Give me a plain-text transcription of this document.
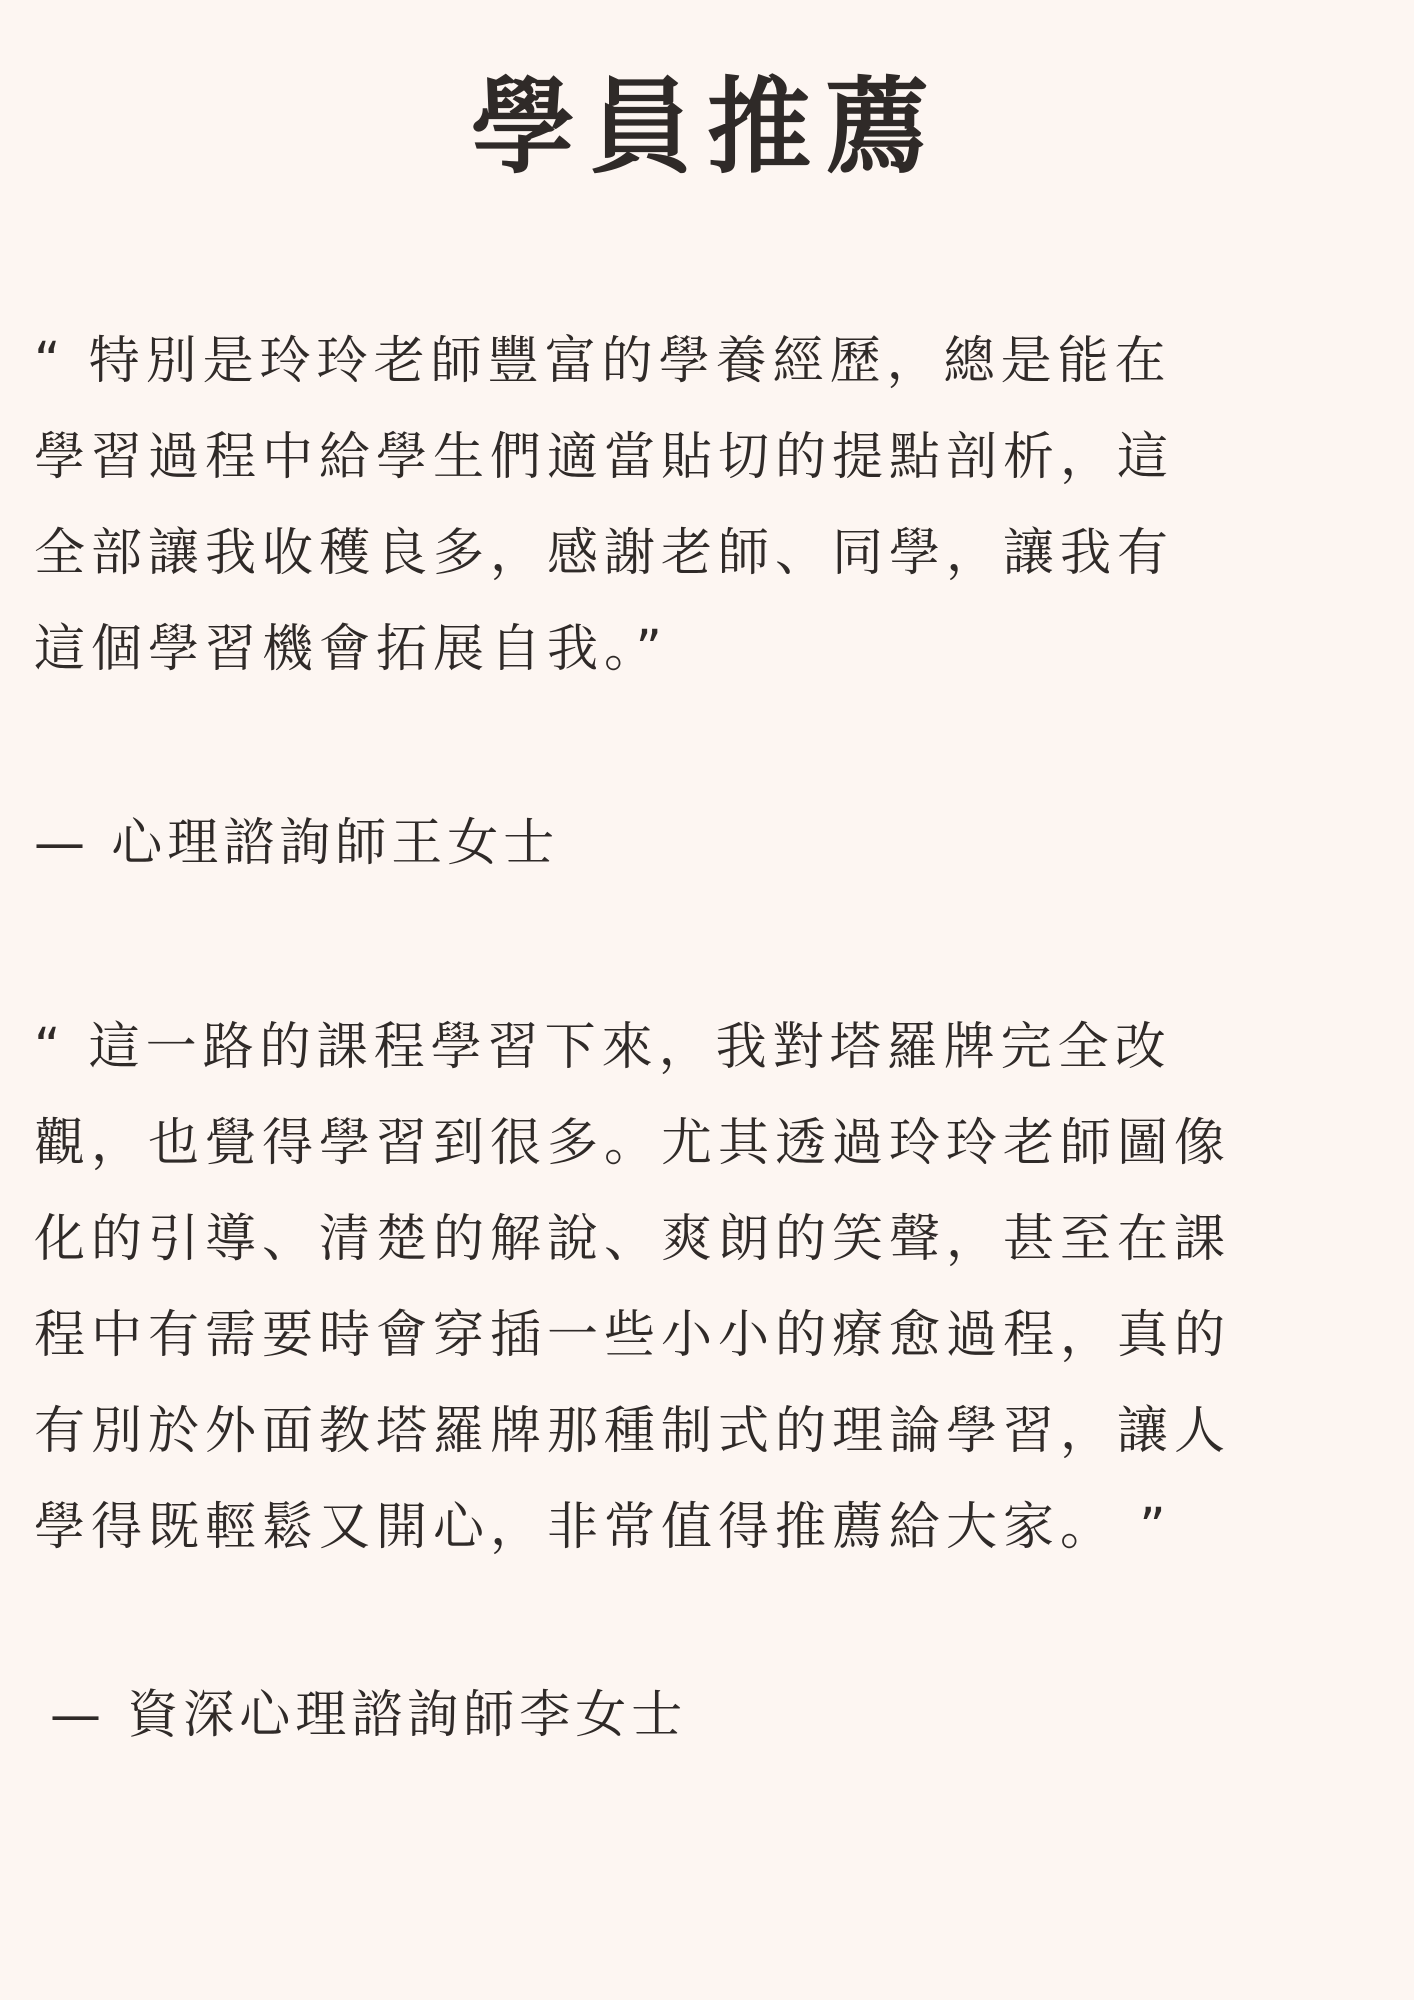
學員推薦
“ 特別是玲玲老師豐富的學養經歷，總是能在
學習過程中給學生們適當貼切的提點剖析，這
全部讓我收穫良多，感謝老師、同學，讓我有
這個學習機會拓展自我。”
— 心理諮詢師王女士
“ 這一路的課程學習下來，我對塔羅牌完全改
觀，也覺得學習到很多。尤其透過玲玲老師圖像
化的引導、清楚的解說、爽朗的笑聲，甚至在課
程中有需要時會穿插一些小小的療愈過程，真的
有別於外面教塔羅牌那種制式的理論學習，讓人
學得既輕鬆又開心，非常值得推薦給大家。 ”
— 資深心理諮詢師李女士
